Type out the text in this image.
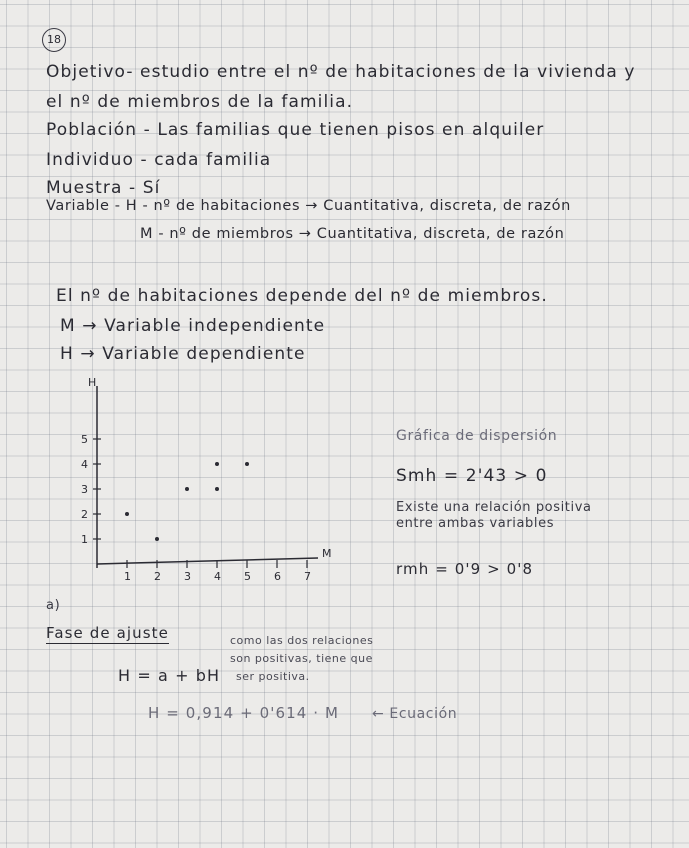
18
Objetivo- estudio entre el nº de habitaciones de la vivienda y
el nº de miembros de la familia.
Población - Las familias que tienen pisos en alquiler
Individuo - cada familia
Muestra - Sí
Variable - H - nº de habitaciones → Cuantitativa, discreta, de razón
M - nº de miembros → Cuantitativa, discreta, de razón
El nº de habitaciones depende del nº de miembros.
M → Variable independiente
H → Variable dependiente
1 2 3 4 5 6 7
1
2
3
4
5
H
M
Gráfica de dispersión
Smh = 2'43 > 0
Existe una relación positiva
entre ambas variables
rmh = 0'9 > 0'8
a)
Fase de ajuste	como las dos relaciones
son positivas, tiene que
ser positiva.
H = a + bH
H = 0,914 + 0'614 · M ← Ecuación
